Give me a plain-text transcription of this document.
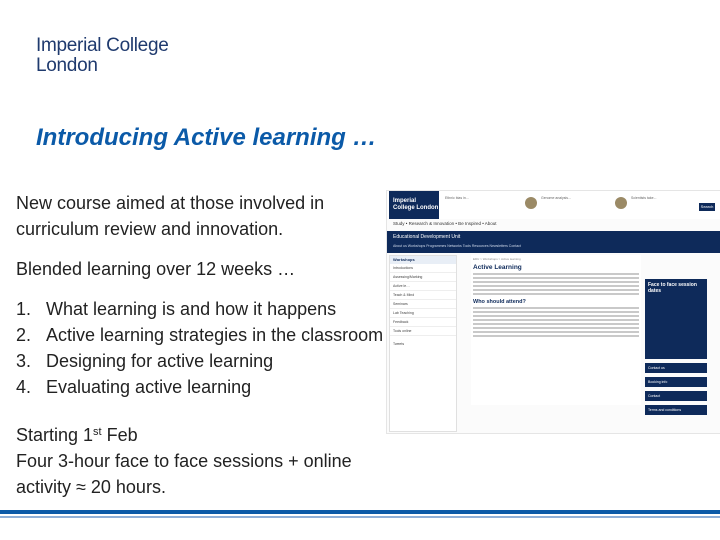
Imperial College
London
Introducing Active learning …

New course aimed at those involved in curriculum review and innovation.

Blended learning over 12 weeks …

1. What learning is and how it happens
2. Active learning strategies in the classroom
3. Designing for active learning
4. Evaluating active learning

Starting 1st Feb

Four 3-hour face to face sessions + online activity ≈ 20 hours.

Imperial College London
Ethnic bias in...	Genome analysis...	Scientists take...
Study • Research & Innovation • Be Inspired • About
Search
Educational Development Unit
About us Workshops Programmes Networks Tools Resources Newsletters Contact
Workshops
Introductions
Assessing/Marking
Active le…
Teach & Mind
Seminars
Lab Teaching
Feedback
Tools online
Tweets
EDU > Workshops > Active learning
Active Learning
Who should attend?
Face to face session dates
Contact us
Booking info
Contact
Terms and conditions
